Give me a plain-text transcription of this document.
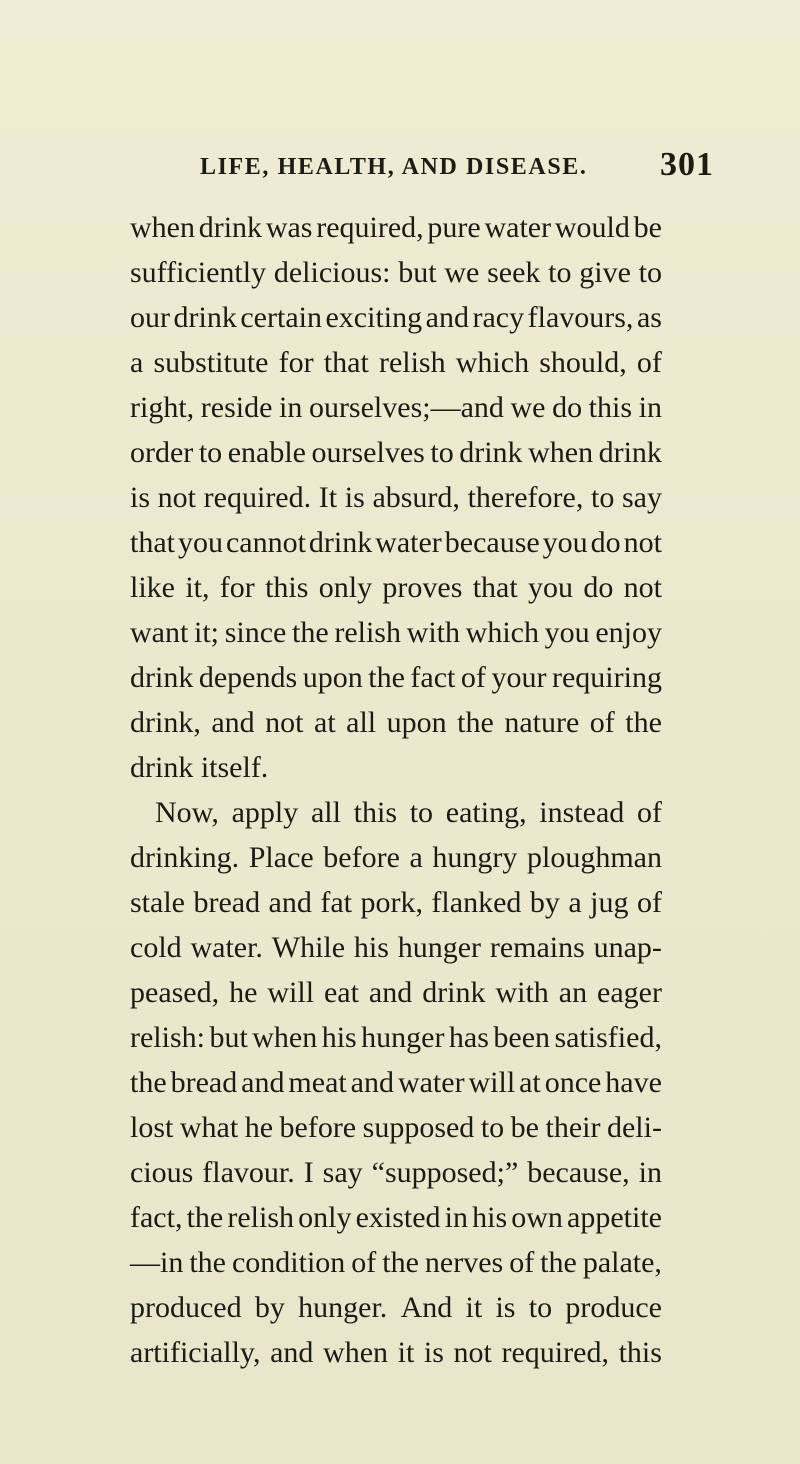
LIFE, HEALTH, AND DISEASE. 301
when drink was required, pure water would be
sufficiently delicious: but we seek to give to
our drink certain exciting and racy flavours, as
a substitute for that relish which should, of
right, reside in ourselves;—and we do this in
order to enable ourselves to drink when drink
is not required. It is absurd, therefore, to say
that you cannot drink water because you do not
like it, for this only proves that you do not
want it; since the relish with which you enjoy
drink depends upon the fact of your requiring
drink, and not at all upon the nature of the
drink itself.
Now, apply all this to eating, instead of
drinking. Place before a hungry ploughman
stale bread and fat pork, flanked by a jug of
cold water. While his hunger remains unap-
peased, he will eat and drink with an eager
relish: but when his hunger has been satisfied,
the bread and meat and water will at once have
lost what he before supposed to be their deli-
cious flavour. I say “supposed;” because, in
fact, the relish only existed in his own appetite
—in the condition of the nerves of the palate,
produced by hunger. And it is to produce
artificially, and when it is not required, this
